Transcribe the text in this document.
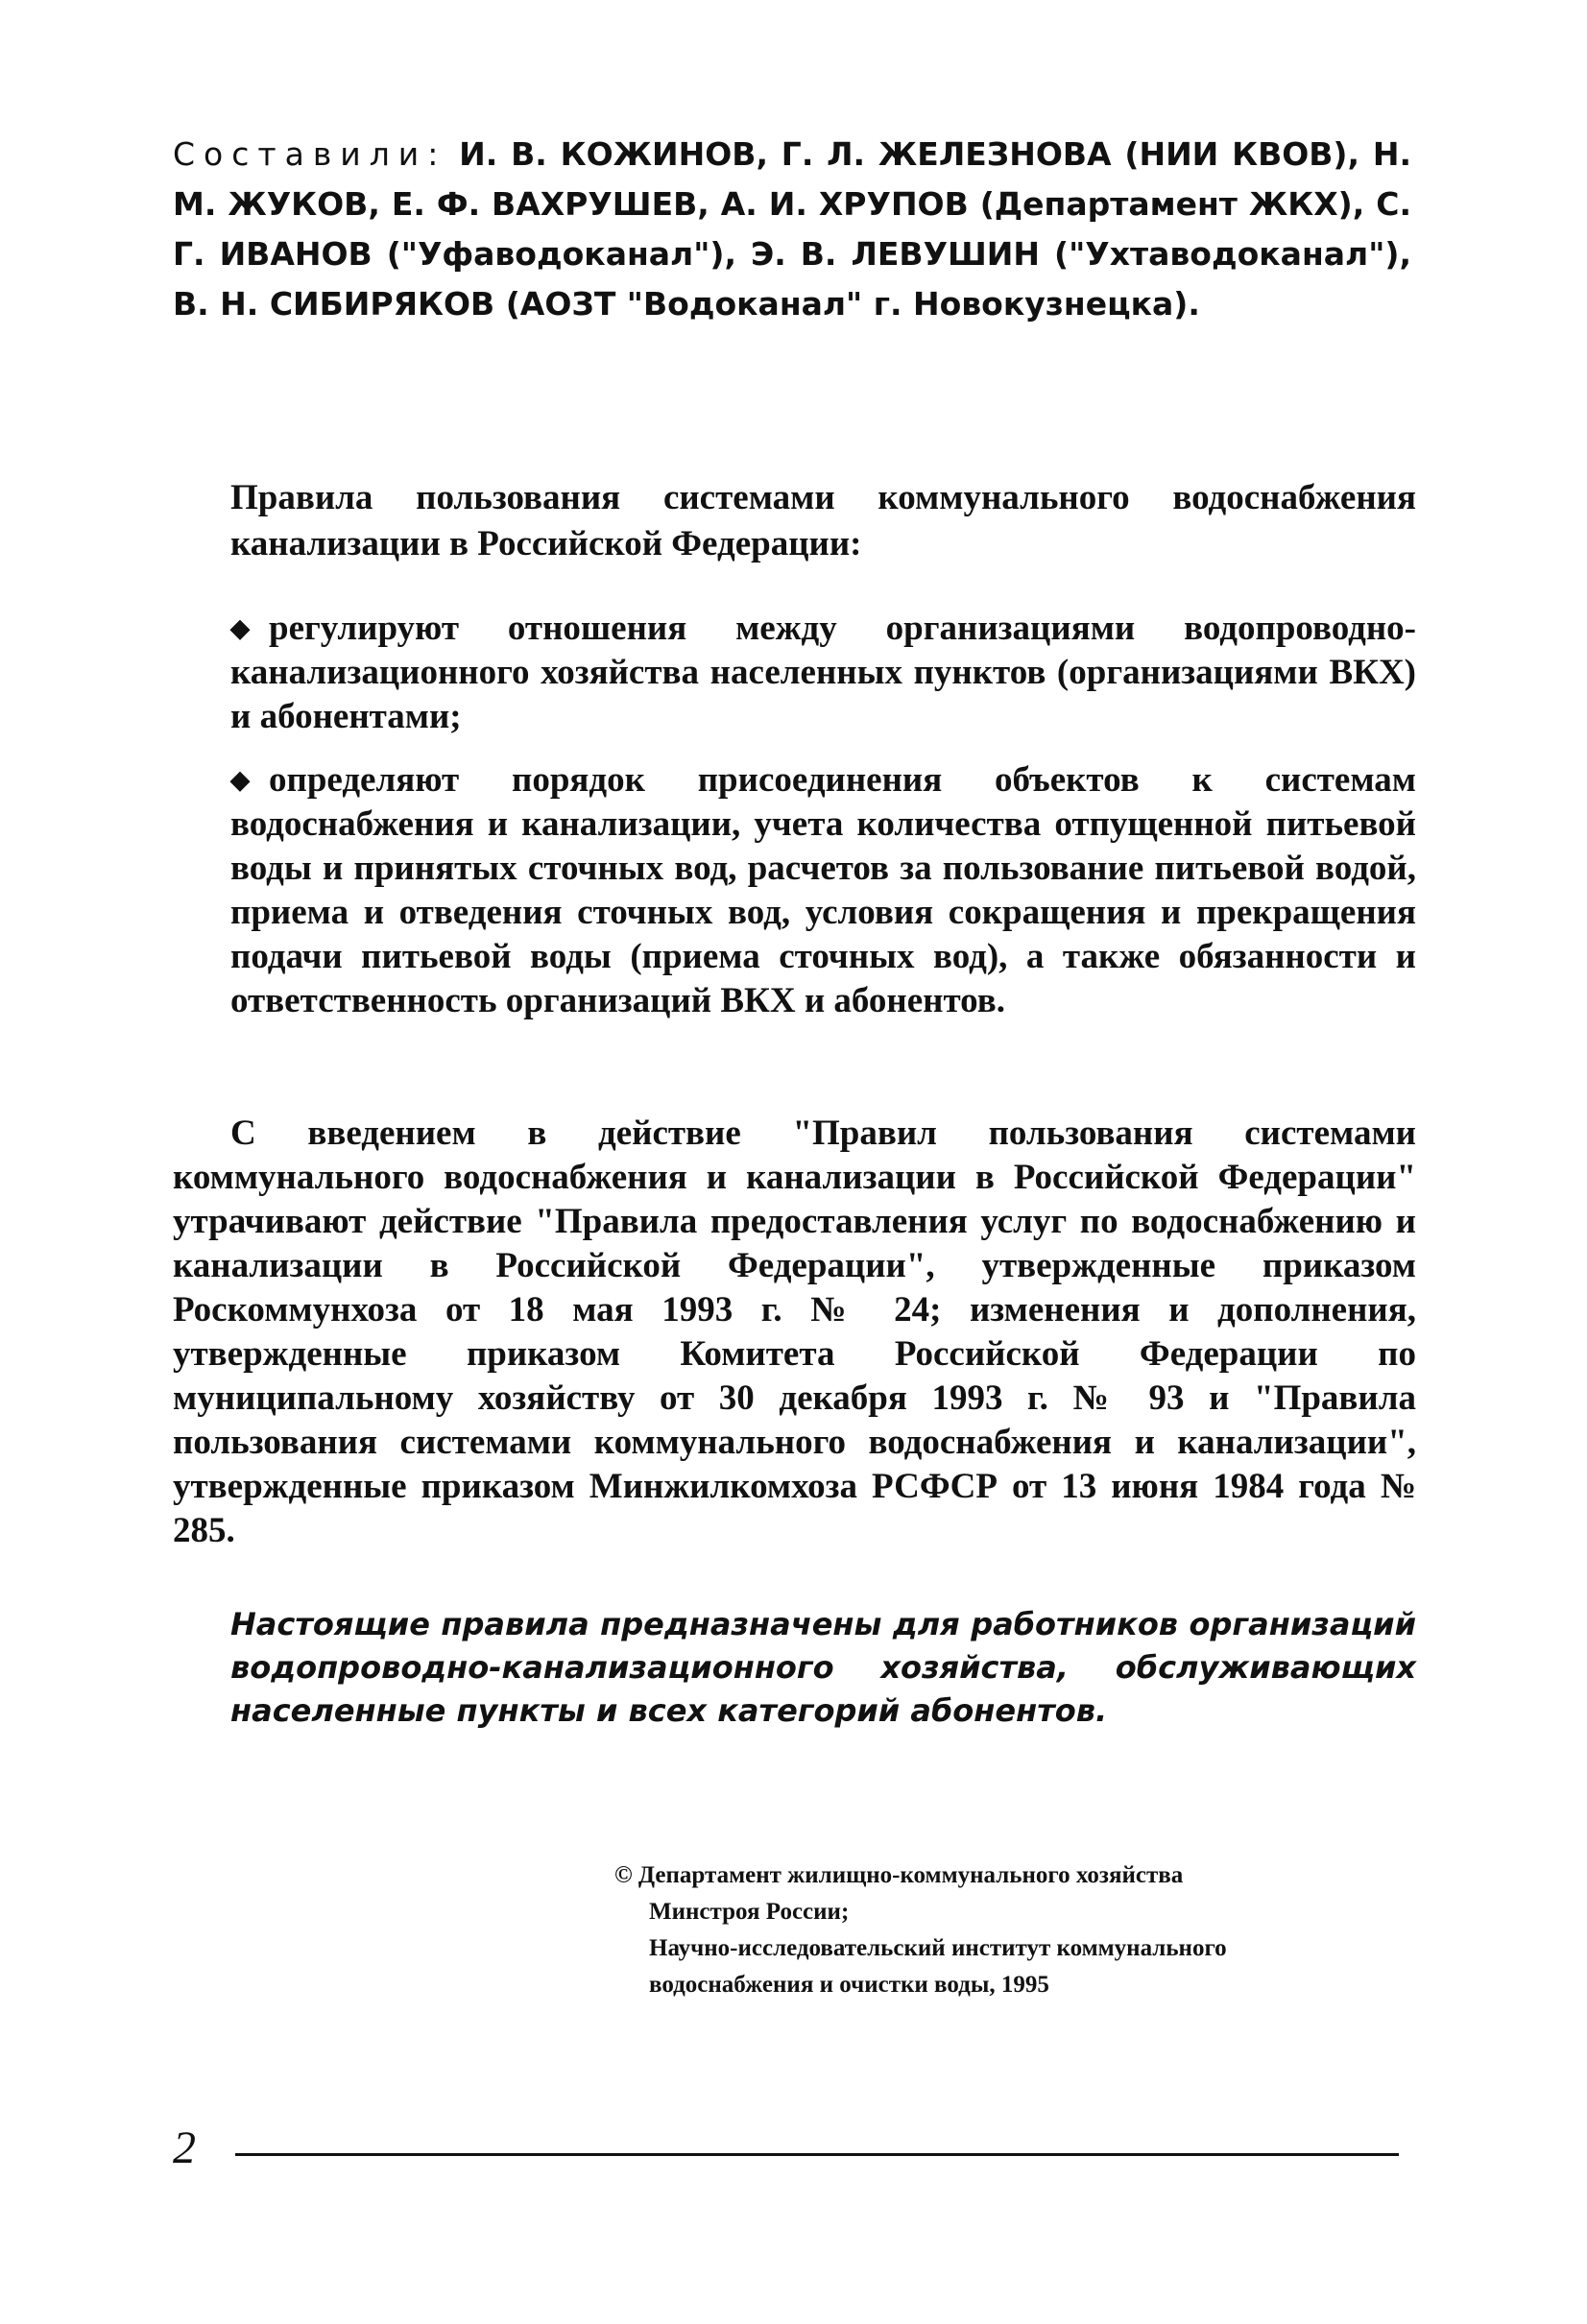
Составили: И. В. КОЖИНОВ, Г. Л. ЖЕЛЕЗНОВА (НИИ КВОВ), Н. М. ЖУКОВ, Е. Ф. ВАХРУШЕВ, А. И. ХРУПОВ (Департамент ЖКХ), С. Г. ИВАНОВ ("Уфаводоканал"), Э. В. ЛЕВУШИН ("Ухтаводоканал"), В. Н. СИБИРЯКОВ (АОЗТ "Водоканал" г. Новокузнецка).
Правила пользования системами коммунального водоснабжения канализации в Российской Федерации:
◆ регулируют отношения между организациями водопроводно-канализационного хозяйства населенных пунктов (организациями ВКХ) и абонентами;
◆ определяют порядок присоединения объектов к системам водоснабжения и канализации, учета количества отпущенной питьевой воды и принятых сточных вод, расчетов за пользование питьевой водой, приема и отведения сточных вод, условия сокращения и прекращения подачи питьевой воды (приема сточных вод), а также обязанности и ответственность организаций ВКХ и абонентов.
С введением в действие "Правил пользования системами коммунального водоснабжения и канализации в Российской Федерации" утрачивают действие "Правила предоставления услуг по водоснабжению и канализации в Российской Федерации", утвержденные приказом Роскоммунхоза от 18 мая 1993 г. № 24; изменения и дополнения, утвержденные приказом Комитета Российской Федерации по муниципальному хозяйству от 30 декабря 1993 г. № 93 и "Правила пользования системами коммунального водоснабжения и канализации", утвержденные приказом Минжилкомхоза РСФСР от 13 июня 1984 года № 285.
Настоящие правила предназначены для работников организаций водопроводно-канализационного хозяйства, обслуживающих населенные пункты и всех категорий абонентов.
© Департамент жилищно-коммунального хозяйства
Минстроя России;
Научно-исследовательский институт коммунального
водоснабжения и очистки воды, 1995
2
